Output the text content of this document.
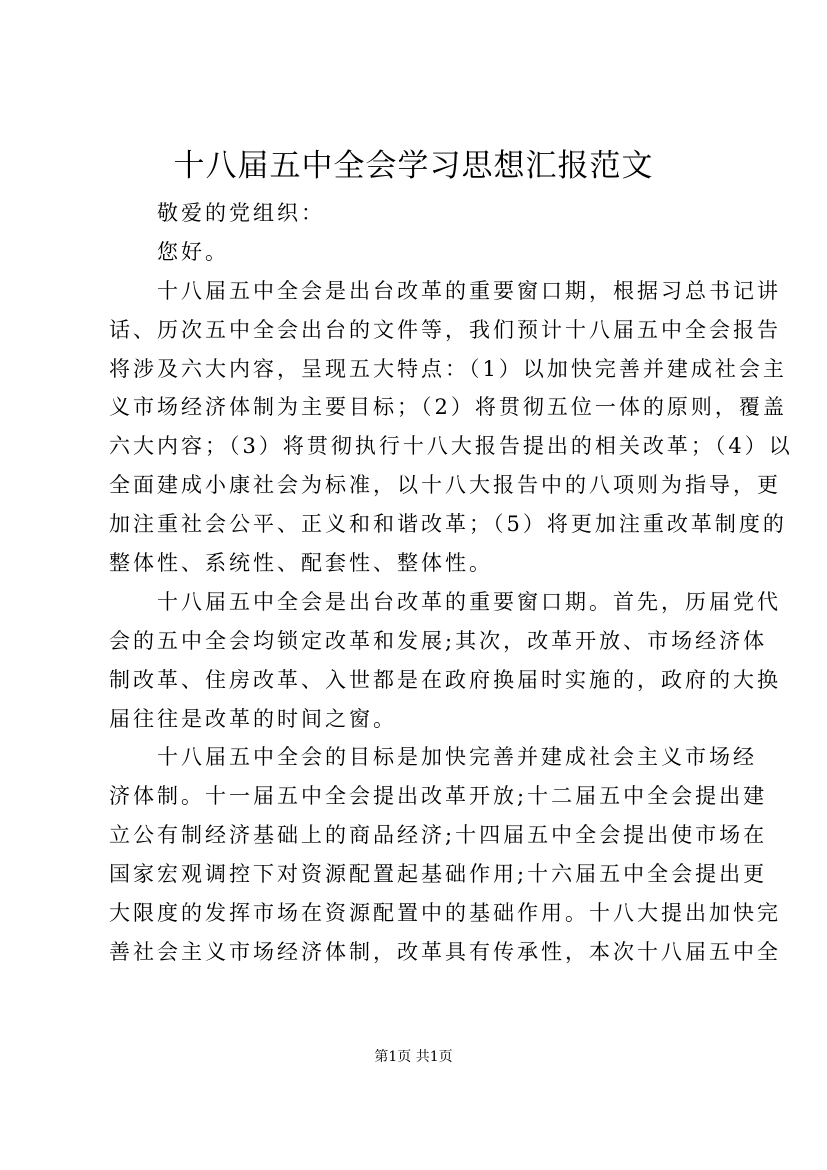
十八届五中全会学习思想汇报范文
敬爱的党组织：
您好。
十八届五中全会是出台改革的重要窗口期，根据习总书记讲
话、历次五中全会出台的文件等，我们预计十八届五中全会报告
将涉及六大内容，呈现五大特点：（1）以加快完善并建成社会主
义市场经济体制为主要目标；（2）将贯彻五位一体的原则，覆盖
六大内容；（3）将贯彻执行十八大报告提出的相关改革；（4）以
全面建成小康社会为标准，以十八大报告中的八项则为指导，更
加注重社会公平、正义和和谐改革；（5）将更加注重改革制度的
整体性、系统性、配套性、整体性。
十八届五中全会是出台改革的重要窗口期。首先，历届党代
会的五中全会均锁定改革和发展;其次，改革开放、市场经济体
制改革、住房改革、入世都是在政府换届时实施的，政府的大换
届往往是改革的时间之窗。
十八届五中全会的目标是加快完善并建成社会主义市场经
济体制。十一届五中全会提出改革开放;十二届五中全会提出建
立公有制经济基础上的商品经济;十四届五中全会提出使市场在
国家宏观调控下对资源配置起基础作用;十六届五中全会提出更
大限度的发挥市场在资源配置中的基础作用。十八大提出加快完
善社会主义市场经济体制，改革具有传承性，本次十八届五中全
第1页 共1页
